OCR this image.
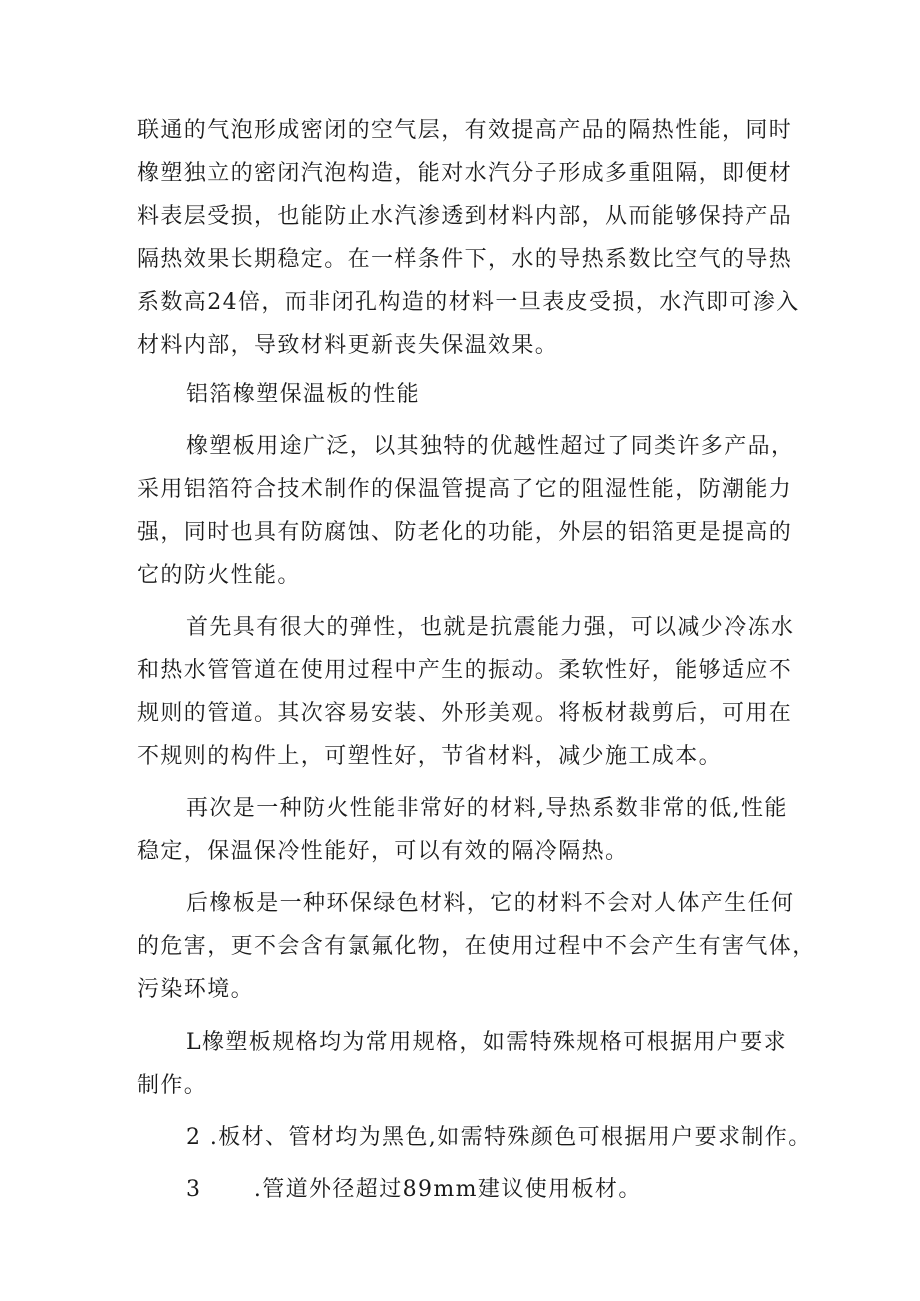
联通的气泡形成密闭的空气层，有效提高产品的隔热性能，同时
橡塑独立的密闭汽泡构造，能对水汽分子形成多重阻隔，即便材
料表层受损，也能防止水汽渗透到材料内部，从而能够保持产品
隔热效果长期稳定。在一样条件下，水的导热系数比空气的导热
系数高24倍，而非闭孔构造的材料一旦表皮受损，水汽即可渗入
材料内部，导致材料更新丧失保温效果。
铝箔橡塑保温板的性能
橡塑板用途广泛，以其独特的优越性超过了同类许多产品，
采用铝箔符合技术制作的保温管提高了它的阻湿性能，防潮能力
强，同时也具有防腐蚀、防老化的功能，外层的铝箔更是提高的
它的防火性能。
首先具有很大的弹性，也就是抗震能力强，可以减少冷冻水
和热水管管道在使用过程中产生的振动。柔软性好，能够适应不
规则的管道。其次容易安装、外形美观。将板材裁剪后，可用在
不规则的构件上，可塑性好，节省材料，减少施工成本。
再次是一种防火性能非常好的材料,导热系数非常的低,性能
稳定，保温保冷性能好，可以有效的隔冷隔热。
后橡板是一种环保绿色材料，它的材料不会对人体产生任何
的危害，更不会含有氯氟化物，在使用过程中不会产生有害气体，
污染环境。
L橡塑板规格均为常用规格，如需特殊规格可根据用户要求
制作。
2 .板材、管材均为黑色,如需特殊颜色可根据用户要求制作。
3 .管道外径超过89mm建议使用板材。
